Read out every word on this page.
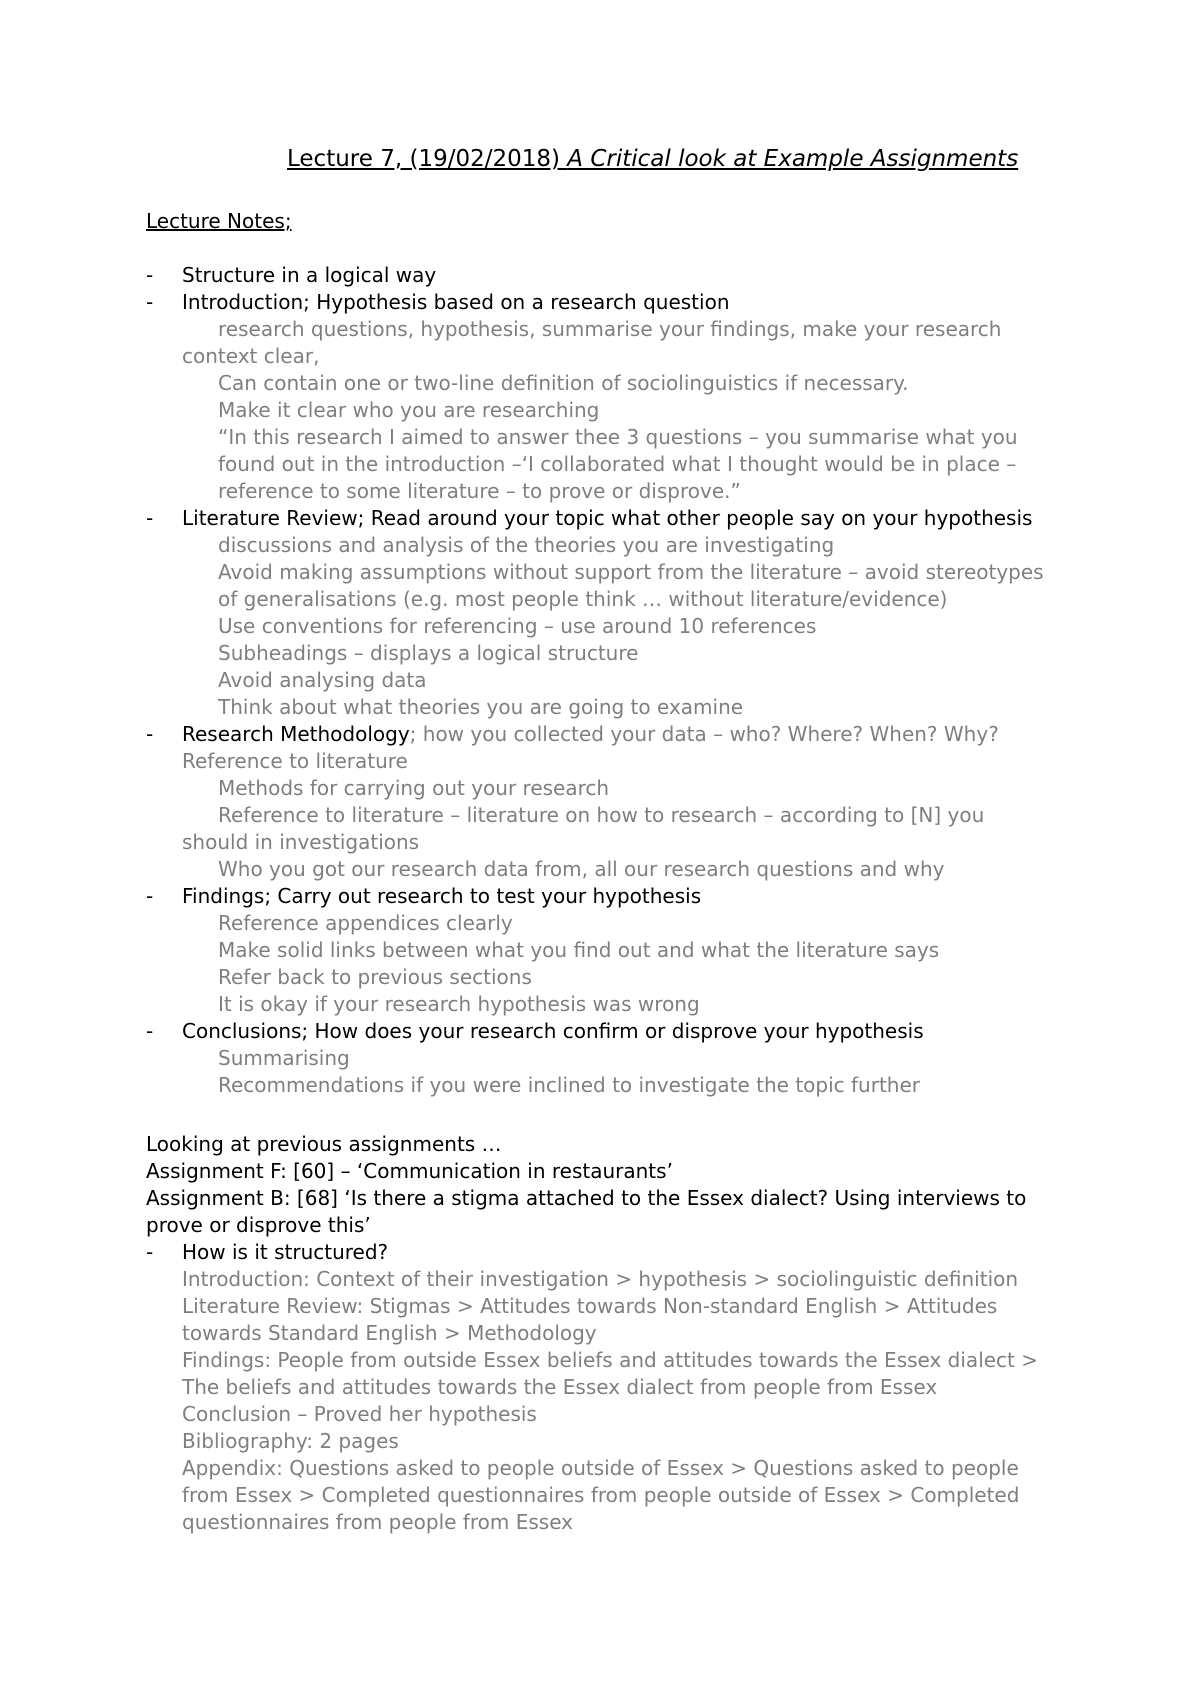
Lecture 7, (19/02/2018) A Critical look at Example Assignments
Lecture Notes;
- Structure in a logical way
- Introduction; Hypothesis based on a research question
research questions, hypothesis, summarise your findings, make your research
context clear,
Can contain one or two-line definition of sociolinguistics if necessary.
Make it clear who you are researching
“In this research I aimed to answer thee 3 questions – you summarise what you
found out in the introduction –‘I collaborated what I thought would be in place –
reference to some literature – to prove or disprove.”
- Literature Review; Read around your topic what other people say on your hypothesis
discussions and analysis of the theories you are investigating
Avoid making assumptions without support from the literature – avoid stereotypes
of generalisations (e.g. most people think … without literature/evidence)
Use conventions for referencing – use around 10 references
Subheadings – displays a logical structure
Avoid analysing data
Think about what theories you are going to examine
- Research Methodology; how you collected your data – who? Where? When? Why?
Reference to literature
Methods for carrying out your research
Reference to literature – literature on how to research – according to [N] you
should in investigations
Who you got our research data from, all our research questions and why
- Findings; Carry out research to test your hypothesis
Reference appendices clearly
Make solid links between what you find out and what the literature says
Refer back to previous sections
It is okay if your research hypothesis was wrong
- Conclusions; How does your research confirm or disprove your hypothesis
Summarising
Recommendations if you were inclined to investigate the topic further
Looking at previous assignments …
Assignment F: [60] – ‘Communication in restaurants’
Assignment B: [68] ‘Is there a stigma attached to the Essex dialect? Using interviews to
prove or disprove this’
- How is it structured?
Introduction: Context of their investigation > hypothesis > sociolinguistic definition
Literature Review: Stigmas > Attitudes towards Non-standard English > Attitudes
towards Standard English > Methodology
Findings: People from outside Essex beliefs and attitudes towards the Essex dialect >
The beliefs and attitudes towards the Essex dialect from people from Essex
Conclusion – Proved her hypothesis
Bibliography: 2 pages
Appendix: Questions asked to people outside of Essex > Questions asked to people
from Essex > Completed questionnaires from people outside of Essex > Completed
questionnaires from people from Essex
